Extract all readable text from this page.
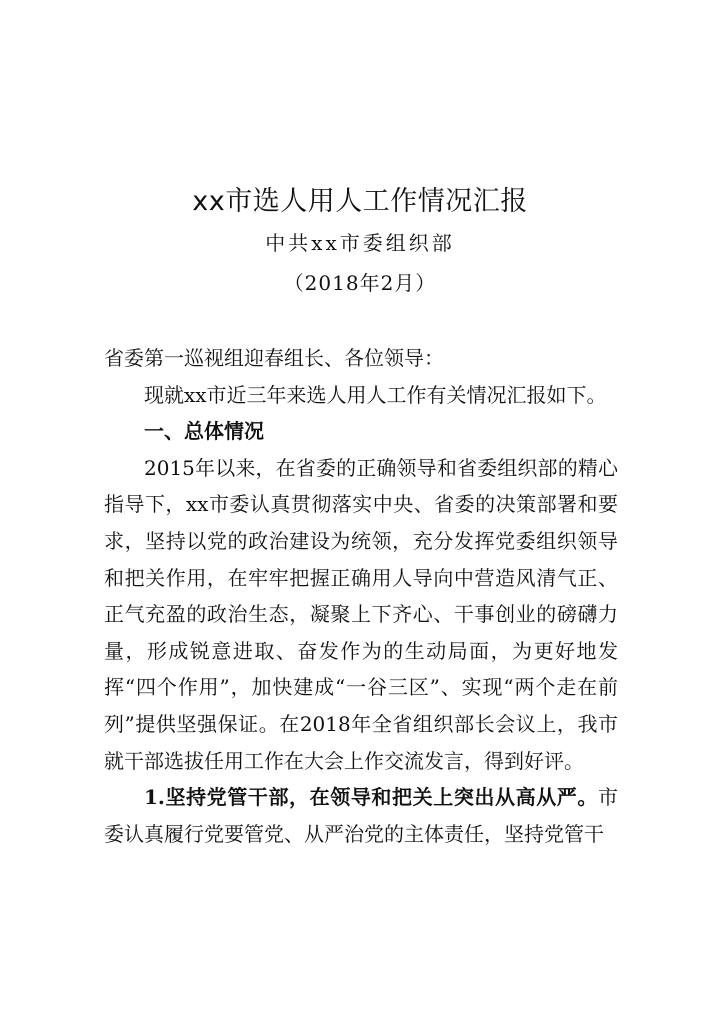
xx市选人用人工作情况汇报
中共xx市委组织部
（2018年2月）

省委第一巡视组迎春组长、各位领导：

现就xx市近三年来选人用人工作有关情况汇报如下。

一、总体情况

2015年以来，在省委的正确领导和省委组织部的精心指导下，xx市委认真贯彻落实中央、省委的决策部署和要求，坚持以党的政治建设为统领，充分发挥党委组织领导和把关作用，在牢牢把握正确用人导向中营造风清气正、正气充盈的政治生态，凝聚上下齐心、干事创业的磅礴力量，形成锐意进取、奋发作为的生动局面，为更好地发挥“四个作用”，加快建成“一谷三区”、实现“两个走在前列”提供坚强保证。在2018年全省组织部长会议上，我市就干部选拔任用工作在大会上作交流发言，得到好评。

1.坚持党管干部，在领导和把关上突出从高从严。市委认真履行党要管党、从严治党的主体责任，坚持党管干
